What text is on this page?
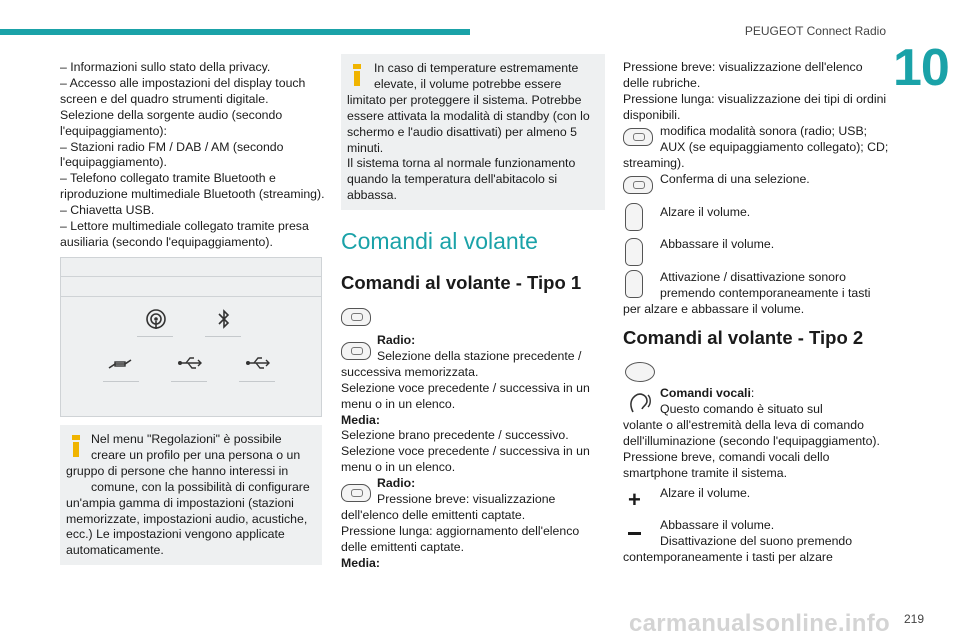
PEUGEOT Connect Radio
10
– Informazioni sullo stato della privacy.
– Accesso alle impostazioni del display touch
screen e del quadro strumenti digitale.
Selezione della sorgente audio (secondo
l'equipaggiamento):
– Stazioni radio FM / DAB / AM (secondo
l'equipaggiamento).
– Telefono collegato tramite Bluetooth e
riproduzione multimediale Bluetooth (streaming).
– Chiavetta USB.
– Lettore multimediale collegato tramite presa
ausiliaria (secondo l'equipaggiamento).
Nel menu "Regolazioni" è possibile
creare un profilo per una persona o un
gruppo di persone che hanno interessi in
comune, con la possibilità di configurare
un'ampia gamma di impostazioni (stazioni
memorizzate, impostazioni audio, acustiche,
ecc.) Le impostazioni vengono applicate
automaticamente.
In caso di temperature estremamente
elevate, il volume potrebbe essere
limitato per proteggere il sistema. Potrebbe
essere attivata la modalità di standby (con lo
schermo e l'audio disattivati) per almeno 5
minuti.
Il sistema torna al normale funzionamento
quando la temperatura dell'abitacolo si
abbassa.
Comandi al volante
Comandi al volante - Tipo 1
Radio:
Selezione della stazione precedente /
successiva memorizzata.
Selezione voce precedente / successiva in un
menu o in un elenco.
Media:
Selezione brano precedente / successivo.
Selezione voce precedente / successiva in un
menu o in un elenco.
Radio:
Pressione breve: visualizzazione
dell'elenco delle emittenti captate.
Pressione lunga: aggiornamento dell'elenco
delle emittenti captate.
Media:
Pressione breve: visualizzazione dell'elenco
delle rubriche.
Pressione lunga: visualizzazione dei tipi di ordini
disponibili.
modifica modalità sonora (radio; USB;
AUX (se equipaggiamento collegato); CD;
streaming).
Conferma di una selezione.
Alzare il volume.
Abbassare il volume.
Attivazione / disattivazione sonoro
premendo contemporaneamente i tasti
per alzare e abbassare il volume.
Comandi al volante - Tipo 2
Comandi vocali:
Questo comando è situato sul
volante o all'estremità della leva di comando
dell'illuminazione (secondo l'equipaggiamento).
Pressione breve, comandi vocali dello
smartphone tramite il sistema.
+	Alzare il volume.
Abbassare il volume.
Disattivazione del suono premendo
contemporaneamente i tasti per alzare
carmanualsonline.info 219
